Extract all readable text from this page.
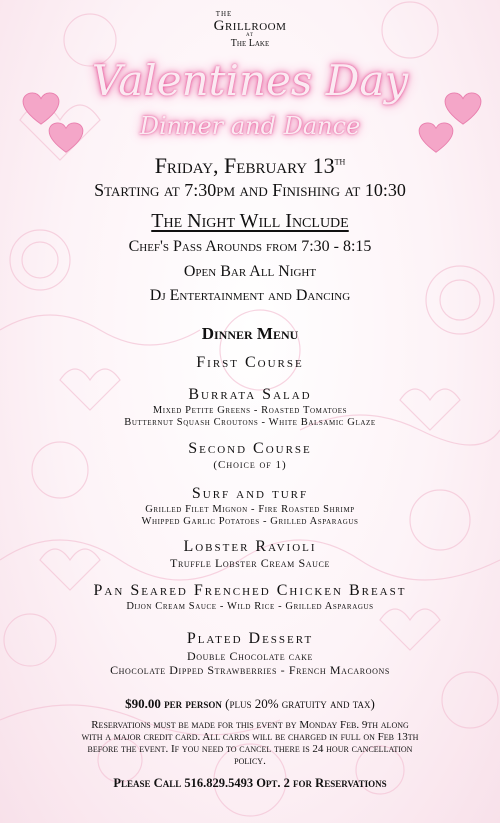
THE
Grillroom
AT
The Lake
Valentines Day
Dinner and Dance
Friday, February 13th
Starting at 7:30pm and Finishing at 10:30
The Night Will Include
Chef's Pass Arounds from 7:30 - 8:15
Open Bar All Night
Dj Entertainment and Dancing
Dinner Menu
First Course
Burrata Salad
Mixed Petite Greens - Roasted Tomatoes
Butternut Squash Croutons - White Balsamic Glaze
Second Course
(Choice of 1)
Surf and turf
Grilled Filet Mignon - Fire Roasted Shrimp
Whipped Garlic Potatoes - Grilled Asparagus
Lobster Ravioli
Truffle Lobster Cream Sauce
Pan Seared Frenched Chicken Breast
Dijon Cream Sauce - Wild Rice - Grilled Asparagus
Plated Dessert
Double Chocolate cake
Chocolate Dipped Strawberries - French Macaroons
$90.00 per person (plus 20% gratuity and tax)
Reservations must be made for this event by Monday Feb. 9th along
with a major credit card. All cards will be charged in full on Feb 13th
before the event. If you need to cancel there is 24 hour cancellation
policy.
Please Call 516.829.5493 Opt. 2 for Reservations
